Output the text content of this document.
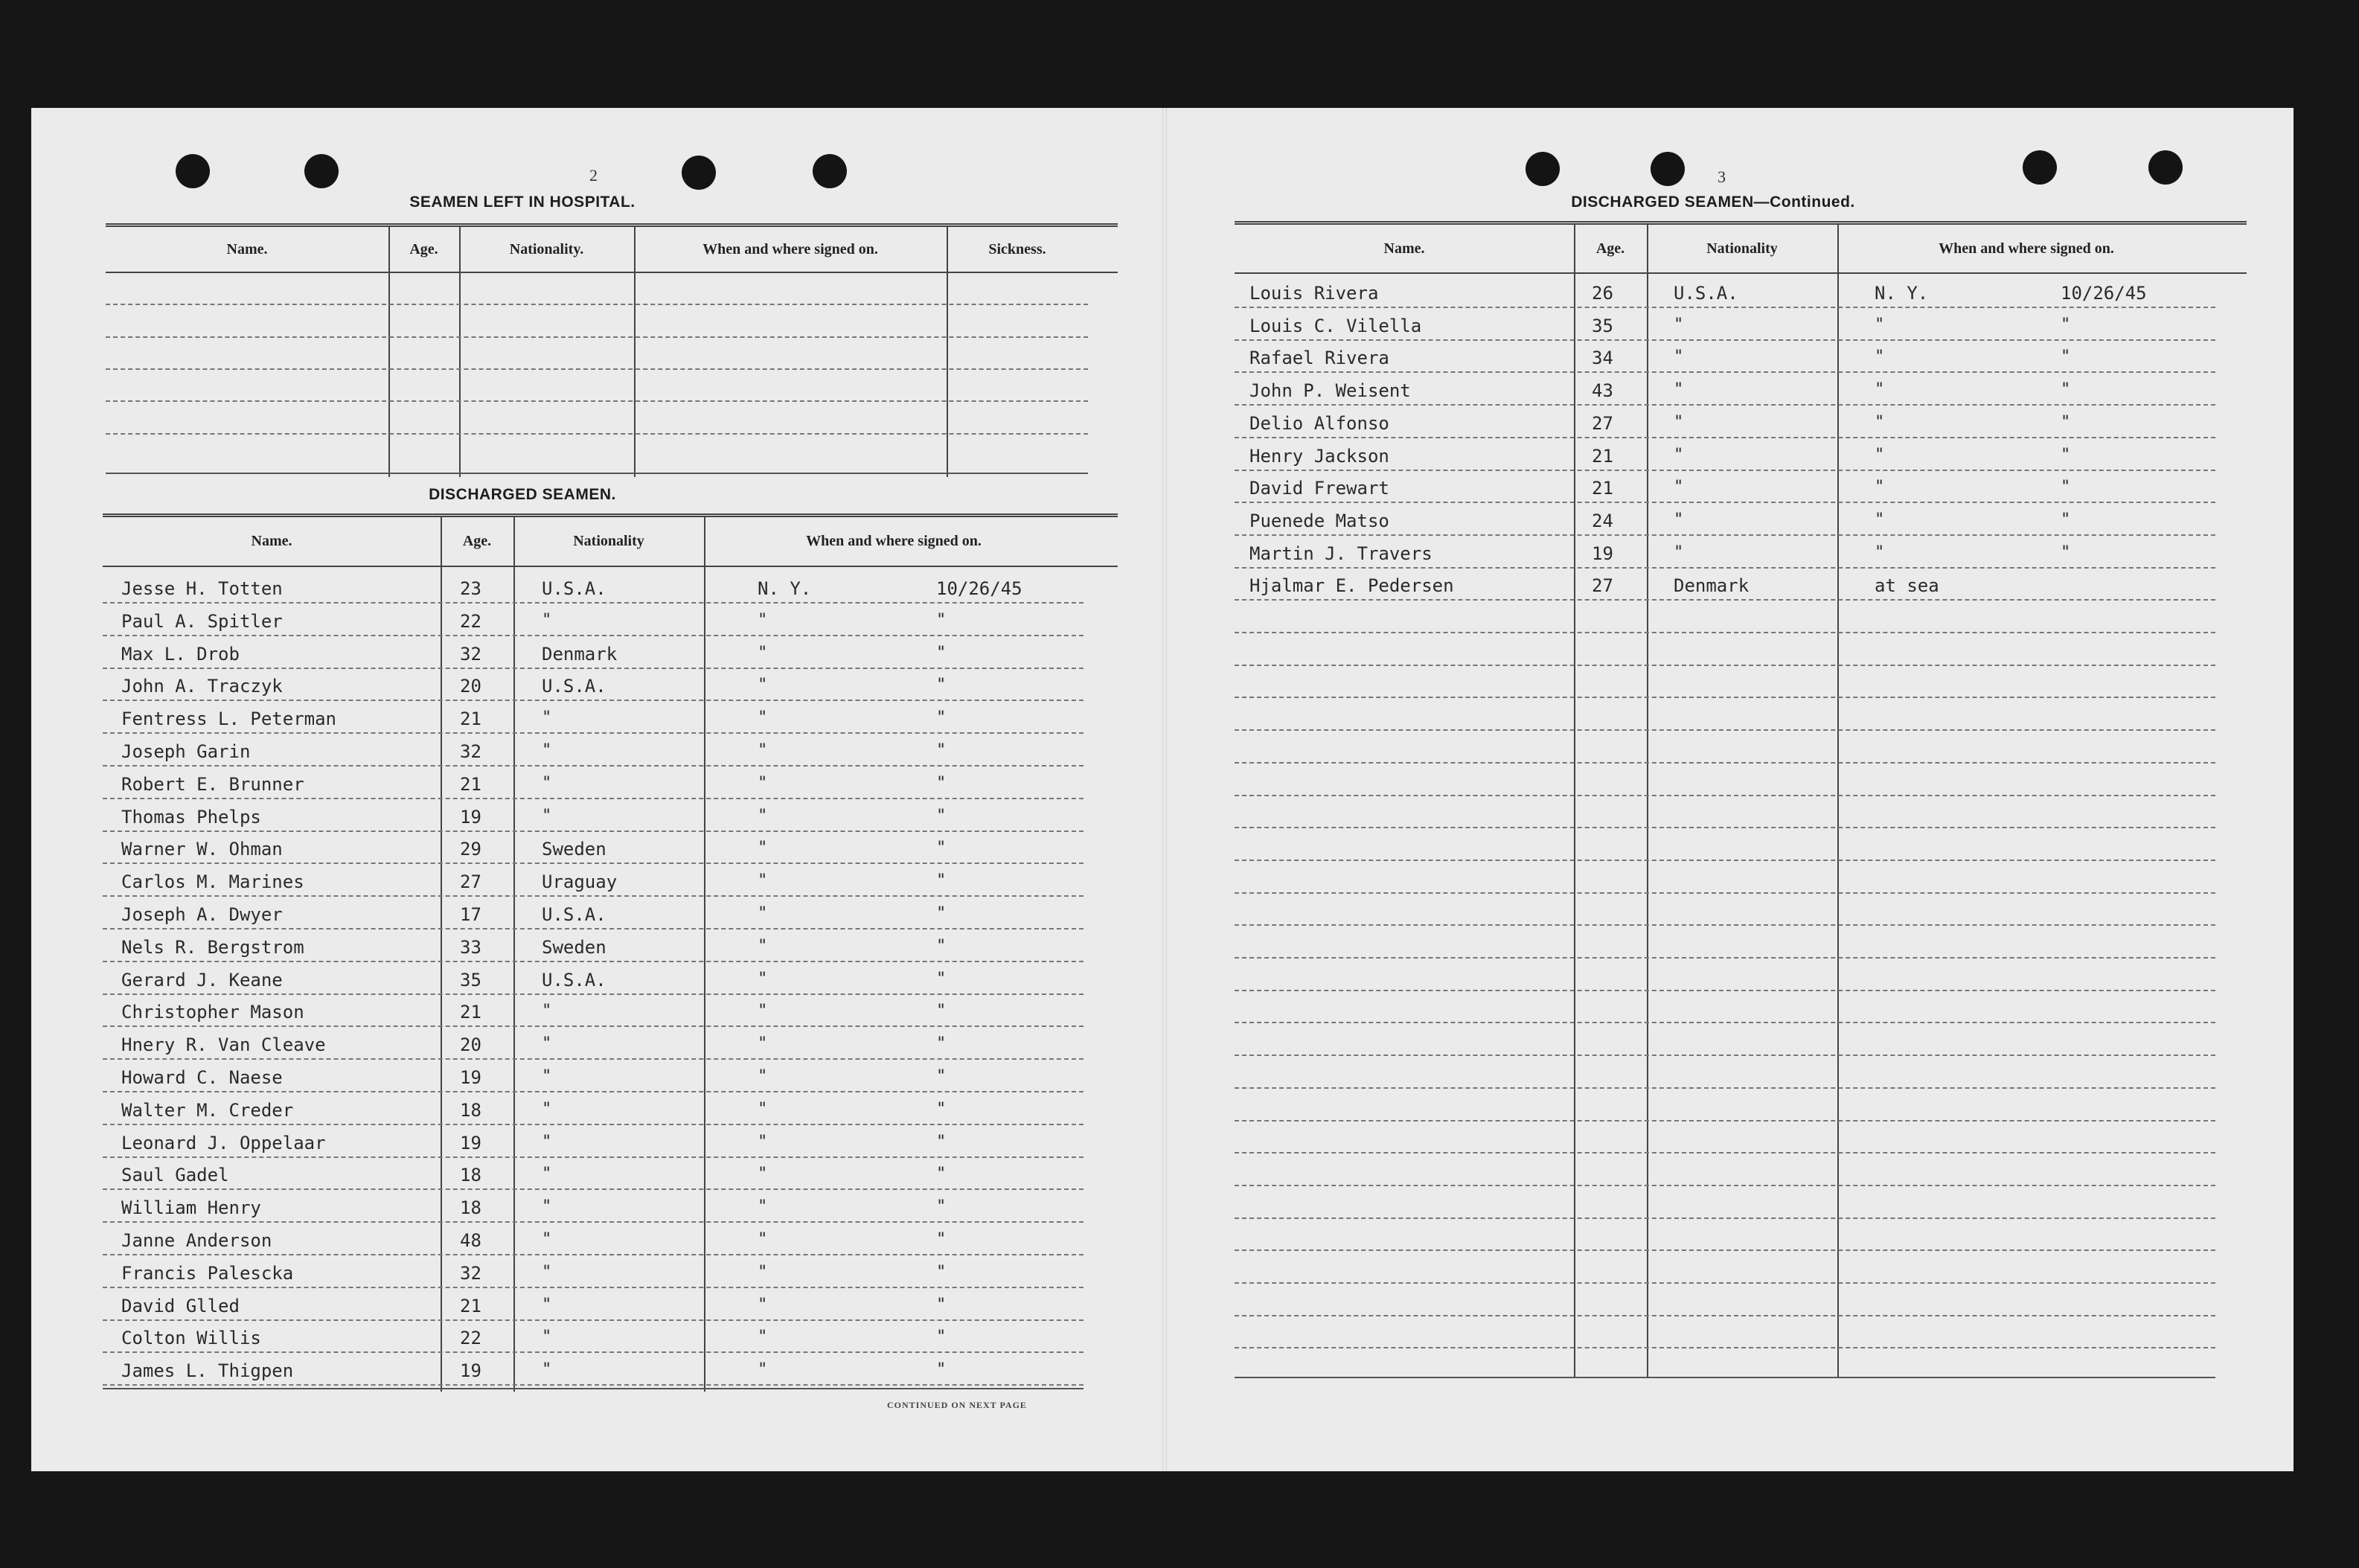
2
SEAMEN LEFT IN HOSPITAL.
Name.	Age.	Nationality.	When and where signed on.	Sickness.
DISCHARGED SEAMEN.
Name.	Age.	Nationality	When and where signed on.
Jesse H. Totten	23	U.S.A.	N. Y.	10/26/45
Paul A. Spitler	22	"	"	"
Max L. Drob	32	Denmark	"	"
John A. Traczyk	20	U.S.A.	"	"
Fentress L. Peterman	21	"	"	"
Joseph Garin	32	"	"	"
Robert E. Brunner	21	"	"	"
Thomas Phelps	19	"	"	"
Warner W. Ohman	29	Sweden	"	"
Carlos M. Marines	27	Uraguay	"	"
Joseph A. Dwyer	17	U.S.A.	"	"
Nels R. Bergstrom	33	Sweden	"	"
Gerard J. Keane	35	U.S.A.	"	"
Christopher Mason	21	"	"	"
Hnery R. Van Cleave	20	"	"	"
Howard C. Naese	19	"	"	"
Walter M. Creder	18	"	"	"
Leonard J. Oppelaar	19	"	"	"
Saul Gadel	18	"	"	"
William Henry	18	"	"	"
Janne Anderson	48	"	"	"
Francis Palescka	32	"	"	"
David Glled	21	"	"	"
Colton Willis	22	"	"	"
James L. Thigpen	19	"	"	"
CONTINUED ON NEXT PAGE
3
DISCHARGED SEAMEN—Continued.
Name.	Age.	Nationality	When and where signed on.
Louis Rivera	26	U.S.A.	N. Y.	10/26/45
Louis C. Vilella	35	"	"	"
Rafael Rivera	34	"	"	"
John P. Weisent	43	"	"	"
Delio Alfonso	27	"	"	"
Henry Jackson	21	"	"	"
David Frewart	21	"	"	"
Puenede Matso	24	"	"	"
Martin J. Travers	19	"	"	"
Hjalmar E. Pedersen	27	Denmark	at sea
